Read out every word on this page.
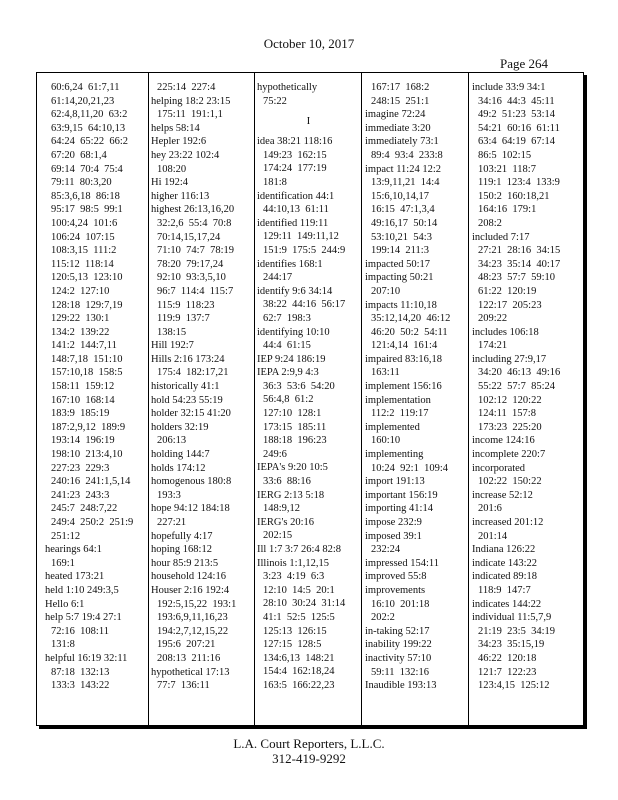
October 10, 2017
Page 264
60:6,24  61:7,11
61:14,20,21,23
62:4,8,11,20  63:2
63:9,15  64:10,13
64:24  65:22  66:2
67:20  68:1,4
69:14  70:4  75:4
79:11  80:3,20
85:3,6,18  86:18
95:17  98:5  99:1
100:4,24  101:6
106:24  107:15
108:3,15  111:2
115:12  118:14
120:5,13  123:10
124:2  127:10
128:18  129:7,19
129:22  130:1
134:2  139:22
141:2  144:7,11
148:7,18  151:10
157:10,18  158:5
158:11  159:12
167:10  168:14
183:9  185:19
187:2,9,12  189:9
193:14  196:19
198:10  213:4,10
227:23  229:3
240:16  241:1,5,14
241:23  243:3
245:7  248:7,22
249:4  250:2  251:9
251:12
hearings 64:1
169:1
heated 173:21
held 1:10 249:3,5
Hello 6:1
help 5:7 19:4 27:1
72:16  108:11
131:8
helpful 16:19 32:11
87:18  132:13
133:3  143:22
225:14  227:4
helping 18:2 23:15
175:11  191:1,1
helps 58:14
Hepler 192:6
hey 23:22 102:4
108:20
Hi 192:4
higher 116:13
highest 26:13,16,20
32:2,6  55:4  70:8
70:14,15,17,24
71:10  74:7  78:19
78:20  79:17,24
92:10  93:3,5,10
96:7  114:4  115:7
115:9  118:23
119:9  137:7
138:15
Hill 192:7
Hills 2:16 173:24
175:4  182:17,21
historically 41:1
hold 54:23 55:19
holder 32:15 41:20
holders 32:19
206:13
holding 144:7
holds 174:12
homogenous 180:8
193:3
hope 94:12 184:18
227:21
hopefully 4:17
hoping 168:12
hour 85:9 213:5
household 124:16
Houser 2:16 192:4
192:5,15,22  193:1
193:6,9,11,16,23
194:2,7,12,15,22
195:6  207:21
208:13  211:16
hypothetical 17:13
77:7  136:11
hypothetically
75:22
I
idea 38:21 118:16
149:23  162:15
174:24  177:19
181:8
identification 44:1
44:10,13  61:11
identified 119:11
129:11  149:11,12
151:9  175:5  244:9
identifies 168:1
244:17
identify 9:6 34:14
38:22  44:16  56:17
62:7  198:3
identifying 10:10
44:4  61:15
IEP 9:24 186:19
IEPA 2:9,9 4:3
36:3  53:6  54:20
56:4,8  61:2
127:10  128:1
173:15  185:11
188:18  196:23
249:6
IEPA's 9:20 10:5
33:6  88:16
IERG 2:13 5:18
148:9,12
IERG's 20:16
202:15
Ill 1:7 3:7 26:4 82:8
Illinois 1:1,12,15
3:23  4:19  6:3
12:10  14:5  20:1
28:10  30:24  31:14
41:1  52:5  125:5
125:13  126:15
127:15  128:5
134:6,13  148:21
154:4  162:18,24
163:5  166:22,23
167:17  168:2
248:15  251:1
imagine 72:24
immediate 3:20
immediately 73:1
89:4  93:4  233:8
impact 11:24 12:2
13:9,11,21  14:4
15:6,10,14,17
16:15  47:1,3,4
49:16,17  50:14
53:10,21  54:3
199:14  211:3
impacted 50:17
impacting 50:21
207:10
impacts 11:10,18
35:12,14,20  46:12
46:20  50:2  54:11
121:4,14  161:4
impaired 83:16,18
163:11
implement 156:16
implementation
112:2  119:17
implemented
160:10
implementing
10:24  92:1  109:4
import 191:13
important 156:19
importing 41:14
impose 232:9
imposed 39:1
232:24
impressed 154:11
improved 55:8
improvements
16:10  201:18
202:2
in-taking 52:17
inability 199:22
inactivity 57:10
59:11  132:16
Inaudible 193:13
include 33:9 34:1
34:16  44:3  45:11
49:2  51:23  53:14
54:21  60:16  61:11
63:4  64:19  67:14
86:5  102:15
103:21  118:7
119:1  123:4  133:9
150:2  160:18,21
164:16  179:1
208:2
included 7:17
27:21  28:16  34:15
34:23  35:14  40:17
48:23  57:7  59:10
61:22  120:19
122:17  205:23
209:22
includes 106:18
174:21
including 27:9,17
34:20  46:13  49:16
55:22  57:7  85:24
102:12  120:22
124:11  157:8
173:23  225:20
income 124:16
incomplete 220:7
incorporated
102:22  150:22
increase 52:12
201:6
increased 201:12
201:14
Indiana 126:22
indicate 143:22
indicated 89:18
118:9  147:7
indicates 144:22
individual 11:5,7,9
21:19  23:5  34:19
34:23  35:15,19
46:22  120:18
121:7  122:23
123:4,15  125:12
L.A. Court Reporters, L.L.C.
312-419-9292
